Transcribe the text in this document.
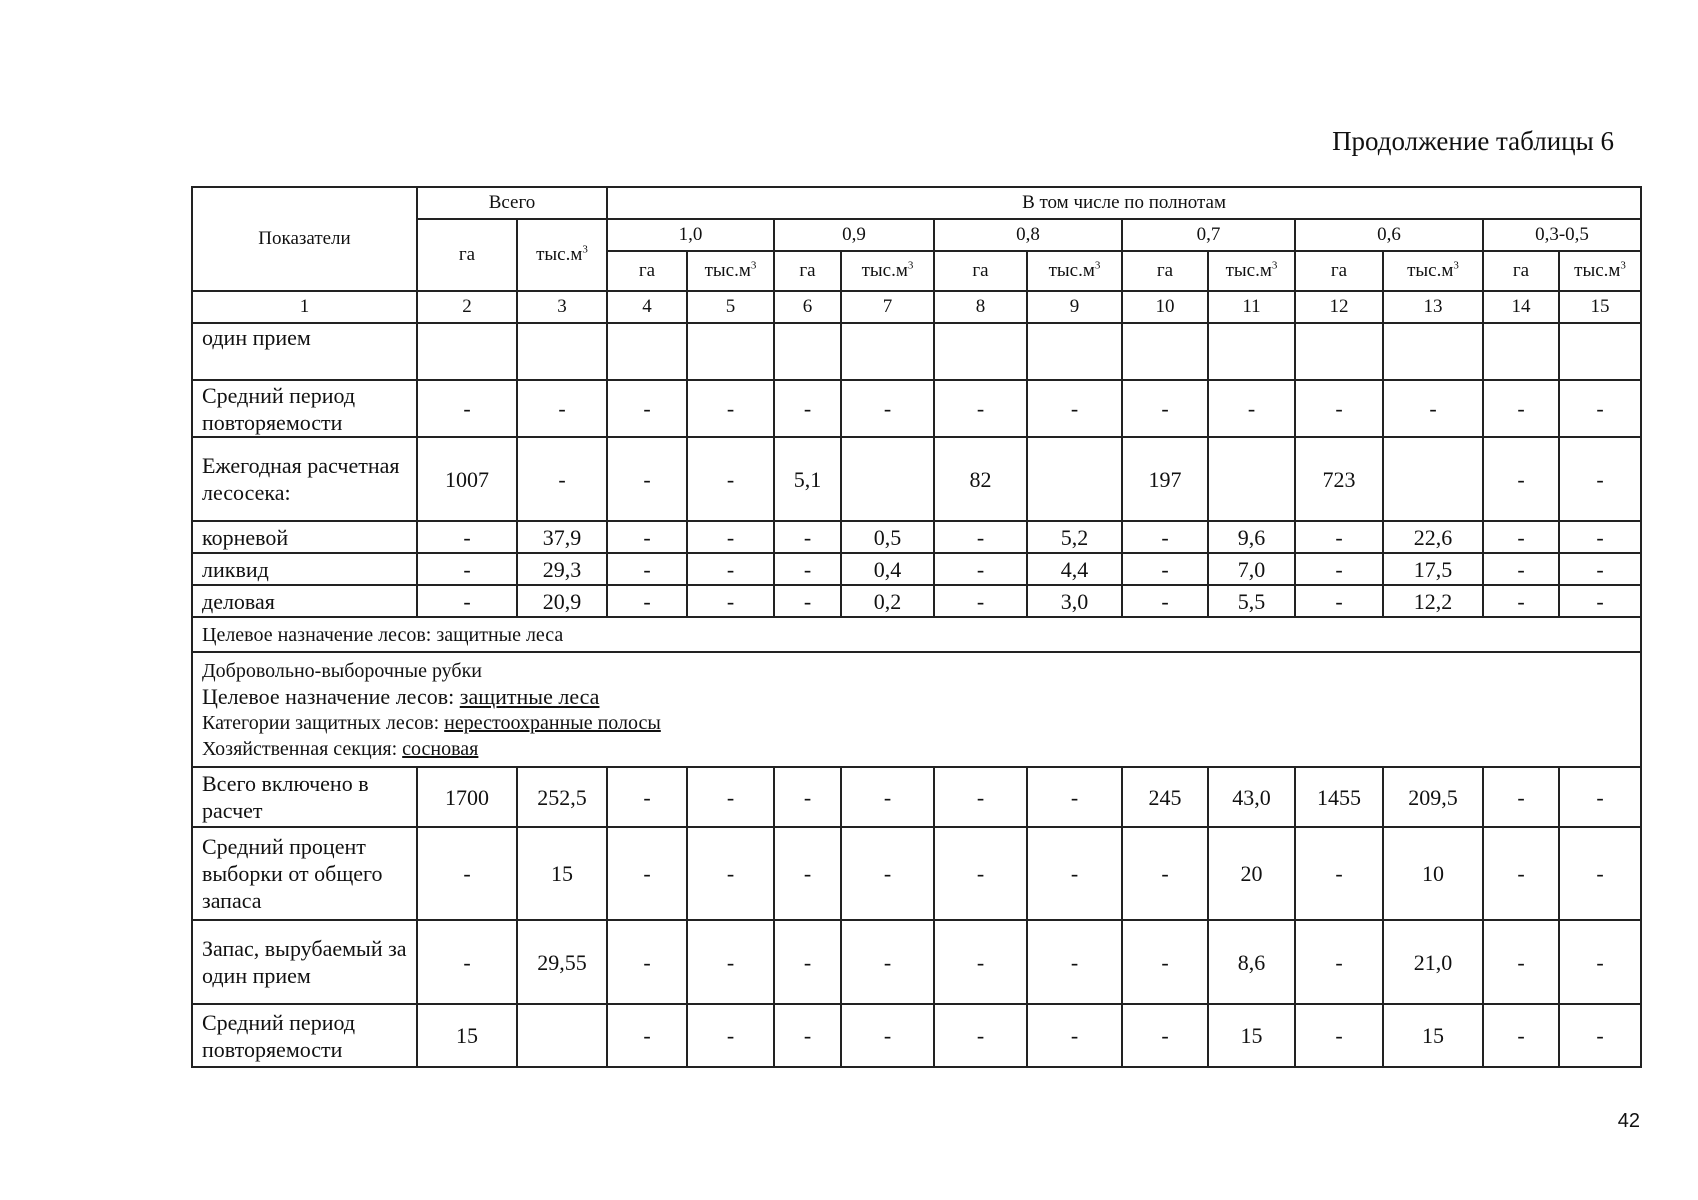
Продолжение таблицы 6
Показатели	Всего		В том числе по полнотам											
	га	$тыс.м^3$	1,0		0,9		0,8		0,7		0,6		0,3-0,5	
			га	$тыс.м^3$	га	$тыс.м^3$	га	$тыс.м^3$	га	$тыс.м^3$	га	$тыс.м^3$	га	$тыс.м^3$
1	2	3	4	5	6	7	8	9	10	11	12	13	14	15
один прием														
Средний период повторяемости	-	-	-	-	-	-	-	-	-	-	-	-	-	-
Ежегодная расчетная лесосека:	1007	-	-	-	5,1		82		197		723		-	-
корневой	-	37,9	-	-	-	0,5	-	5,2	-	9,6	-	22,6	-	-
ликвид	-	29,3	-	-	-	0,4	-	4,4	-	7,0	-	17,5	-	-
деловая	-	20,9	-	-	-	0,2	-	3,0	-	5,5	-	12,2	-	-
Целевое назначение лесов: защитные леса														

Добровольно-выборочные рубки
Целевое назначение лесов: защитные леса
Категории защитных лесов: нерестоохранные полосы
Хозяйственная секция: сосновая														

Всего включено в расчет	1700	252,5	-	-	-	-	-	-	245	43,0	1455	209,5	-	-
Средний процент выборки от общего запаса	-	15	-	-	-	-	-	-	-	20	-	10	-	-
Запас, вырубаемый за один прием	-	29,55	-	-	-	-	-	-	-	8,6	-	21,0	-	-
Средний период повторяемости	15		-	-	-	-	-	-	-	15	-	15	-	-
42
